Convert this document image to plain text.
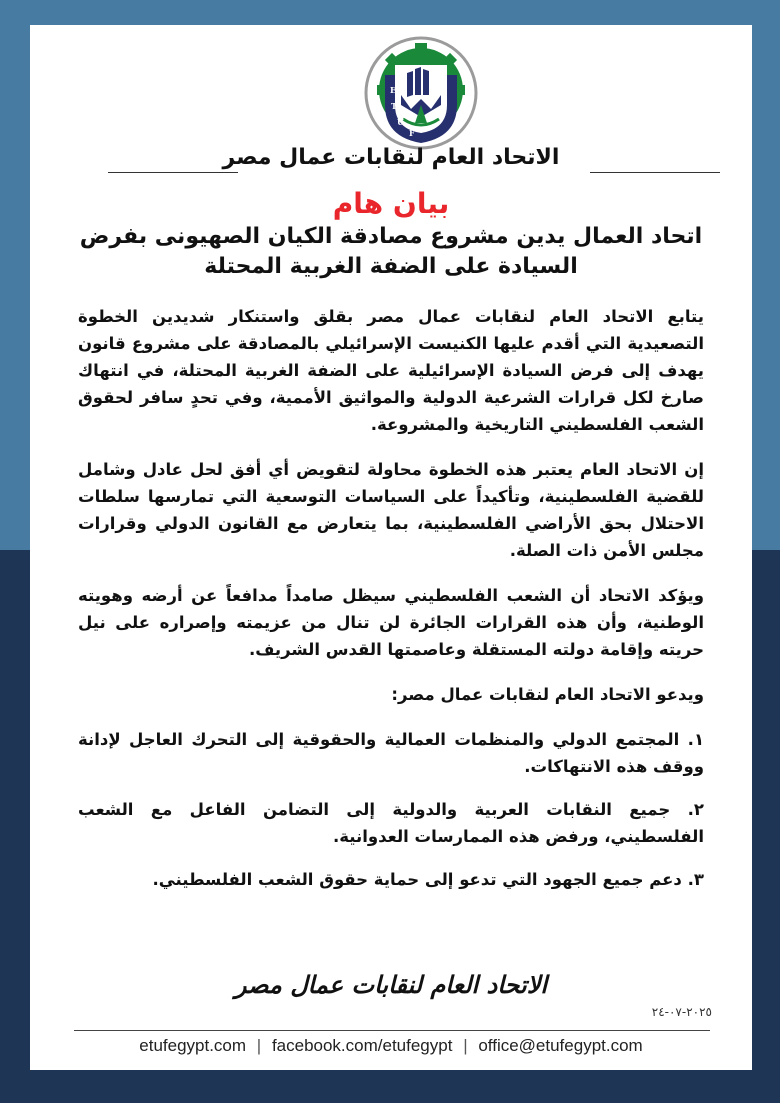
E
T
U
F
الاتحاد العام لنقابات عمال مصر
بيان هام
اتحاد العمال يدين مشروع مصادقة الكيان الصهيونى بفرض السيادة على الضفة الغربية المحتلة

يتابع الاتحاد العام لنقابات عمال مصر بقلق واستنكار شديدين الخطوة التصعيدية التي أقدم عليها الكنيست الإسرائيلي بالمصادقة على مشروع قانون يهدف إلى فرض السيادة الإسرائيلية على الضفة الغربية المحتلة، في انتهاك صارخ لكل قرارات الشرعية الدولية والمواثيق الأممية، وفي تحدٍ سافر لحقوق الشعب الفلسطيني التاريخية والمشروعة.

إن الاتحاد العام يعتبر هذه الخطوة محاولة لتقويض أي أفق لحل عادل وشامل للقضية الفلسطينية، وتأكيداً على السياسات التوسعية التي تمارسها سلطات الاحتلال بحق الأراضي الفلسطينية، بما يتعارض مع القانون الدولي وقرارات مجلس الأمن ذات الصلة.

ويؤكد الاتحاد أن الشعب الفلسطيني سيظل صامداً مدافعاً عن أرضه وهويته الوطنية، وأن هذه القرارات الجائرة لن تنال من عزيمته وإصراره على نيل حريته وإقامة دولته المستقلة وعاصمتها القدس الشريف.

ويدعو الاتحاد العام لنقابات عمال مصر:

١. المجتمع الدولي والمنظمات العمالية والحقوقية إلى التحرك العاجل لإدانة ووقف هذه الانتهاكات.
٢. جميع النقابات العربية والدولية إلى التضامن الفاعل مع الشعب الفلسطيني، ورفض هذه الممارسات العدوانية.
٣. دعم جميع الجهود التي تدعو إلى حماية حقوق الشعب الفلسطيني.
الاتحاد العام لنقابات عمال مصر
٢٠٢٥-٠٧-٢٤
etufegypt.com | facebook.com/etufegypt | office@etufegypt.com
